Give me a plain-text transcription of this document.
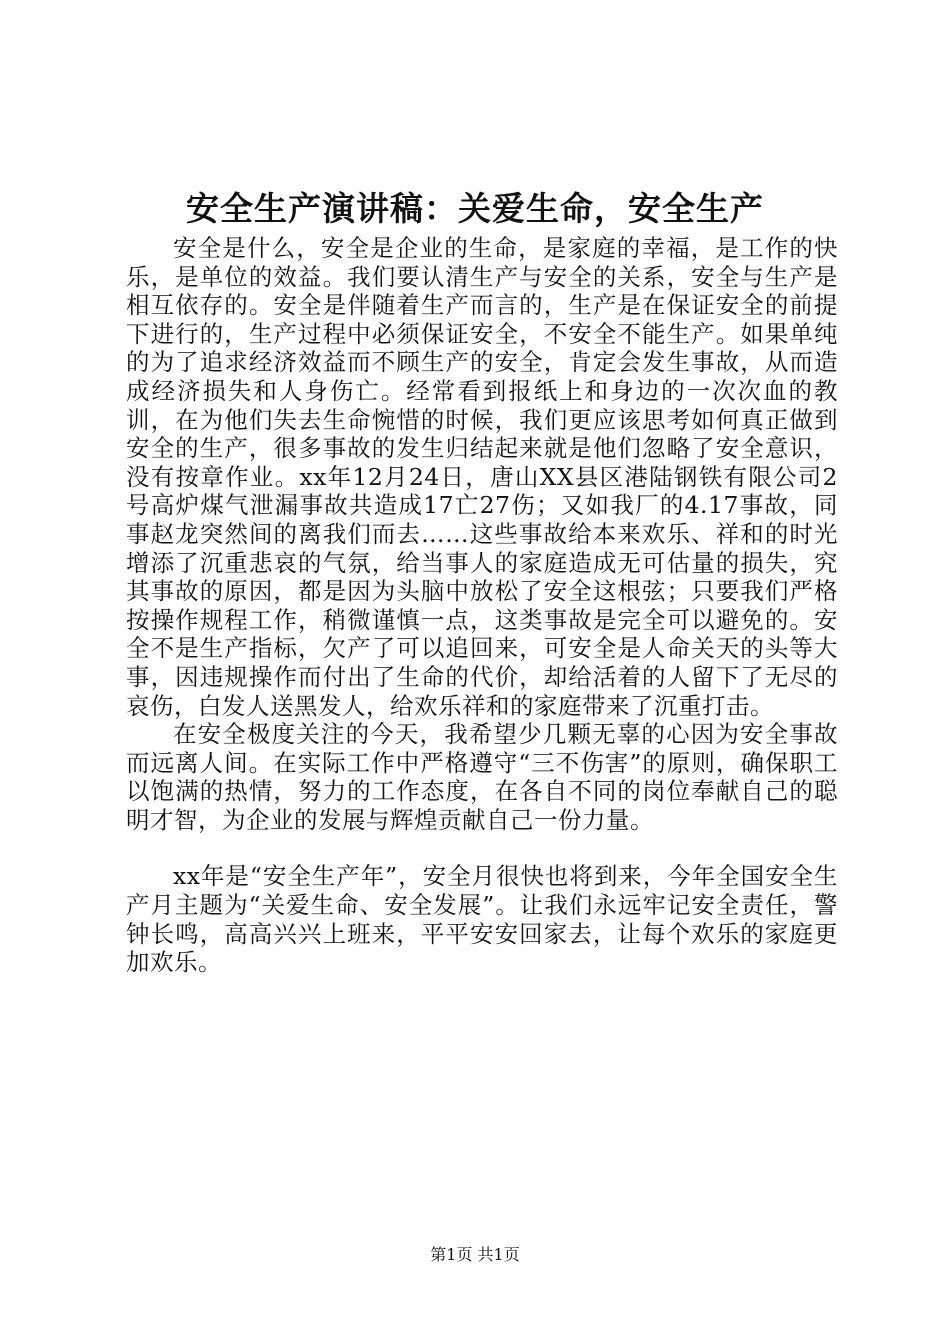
安全生产演讲稿：关爱生命，安全生产

安全是什么，安全是企业的生命，是家庭的幸福，是工作的快乐，是单位的效益。我们要认清生产与安全的关系，安全与生产是相互依存的。安全是伴随着生产而言的，生产是在保证安全的前提下进行的，生产过程中必须保证安全，不安全不能生产。如果单纯的为了追求经济效益而不顾生产的安全，肯定会发生事故，从而造成经济损失和人身伤亡。经常看到报纸上和身边的一次次血的教训，在为他们失去生命惋惜的时候，我们更应该思考如何真正做到安全的生产，很多事故的发生归结起来就是他们忽略了安全意识，没有按章作业。xx年12月24日，唐山XX县区港陆钢铁有限公司2号高炉煤气泄漏事故共造成17亡27伤；又如我厂的4.17事故，同事赵龙突然间的离我们而去……这些事故给本来欢乐、祥和的时光增添了沉重悲哀的气氛，给当事人的家庭造成无可估量的损失，究其事故的原因，都是因为头脑中放松了安全这根弦；只要我们严格按操作规程工作，稍微谨慎一点，这类事故是完全可以避免的。安全不是生产指标，欠产了可以追回来，可安全是人命关天的头等大事，因违规操作而付出了生命的代价，却给活着的人留下了无尽的哀伤，白发人送黑发人，给欢乐祥和的家庭带来了沉重打击。

在安全极度关注的今天，我希望少几颗无辜的心因为安全事故而远离人间。在实际工作中严格遵守“三不伤害”的原则，确保职工以饱满的热情，努力的工作态度，在各自不同的岗位奉献自己的聪明才智，为企业的发展与辉煌贡献自己一份力量。

xx年是“安全生产年”，安全月很快也将到来，今年全国安全生产月主题为“关爱生命、安全发展”。让我们永远牢记安全责任，警钟长鸣，高高兴兴上班来，平平安安回家去，让每个欢乐的家庭更加欢乐。

第1页 共1页
